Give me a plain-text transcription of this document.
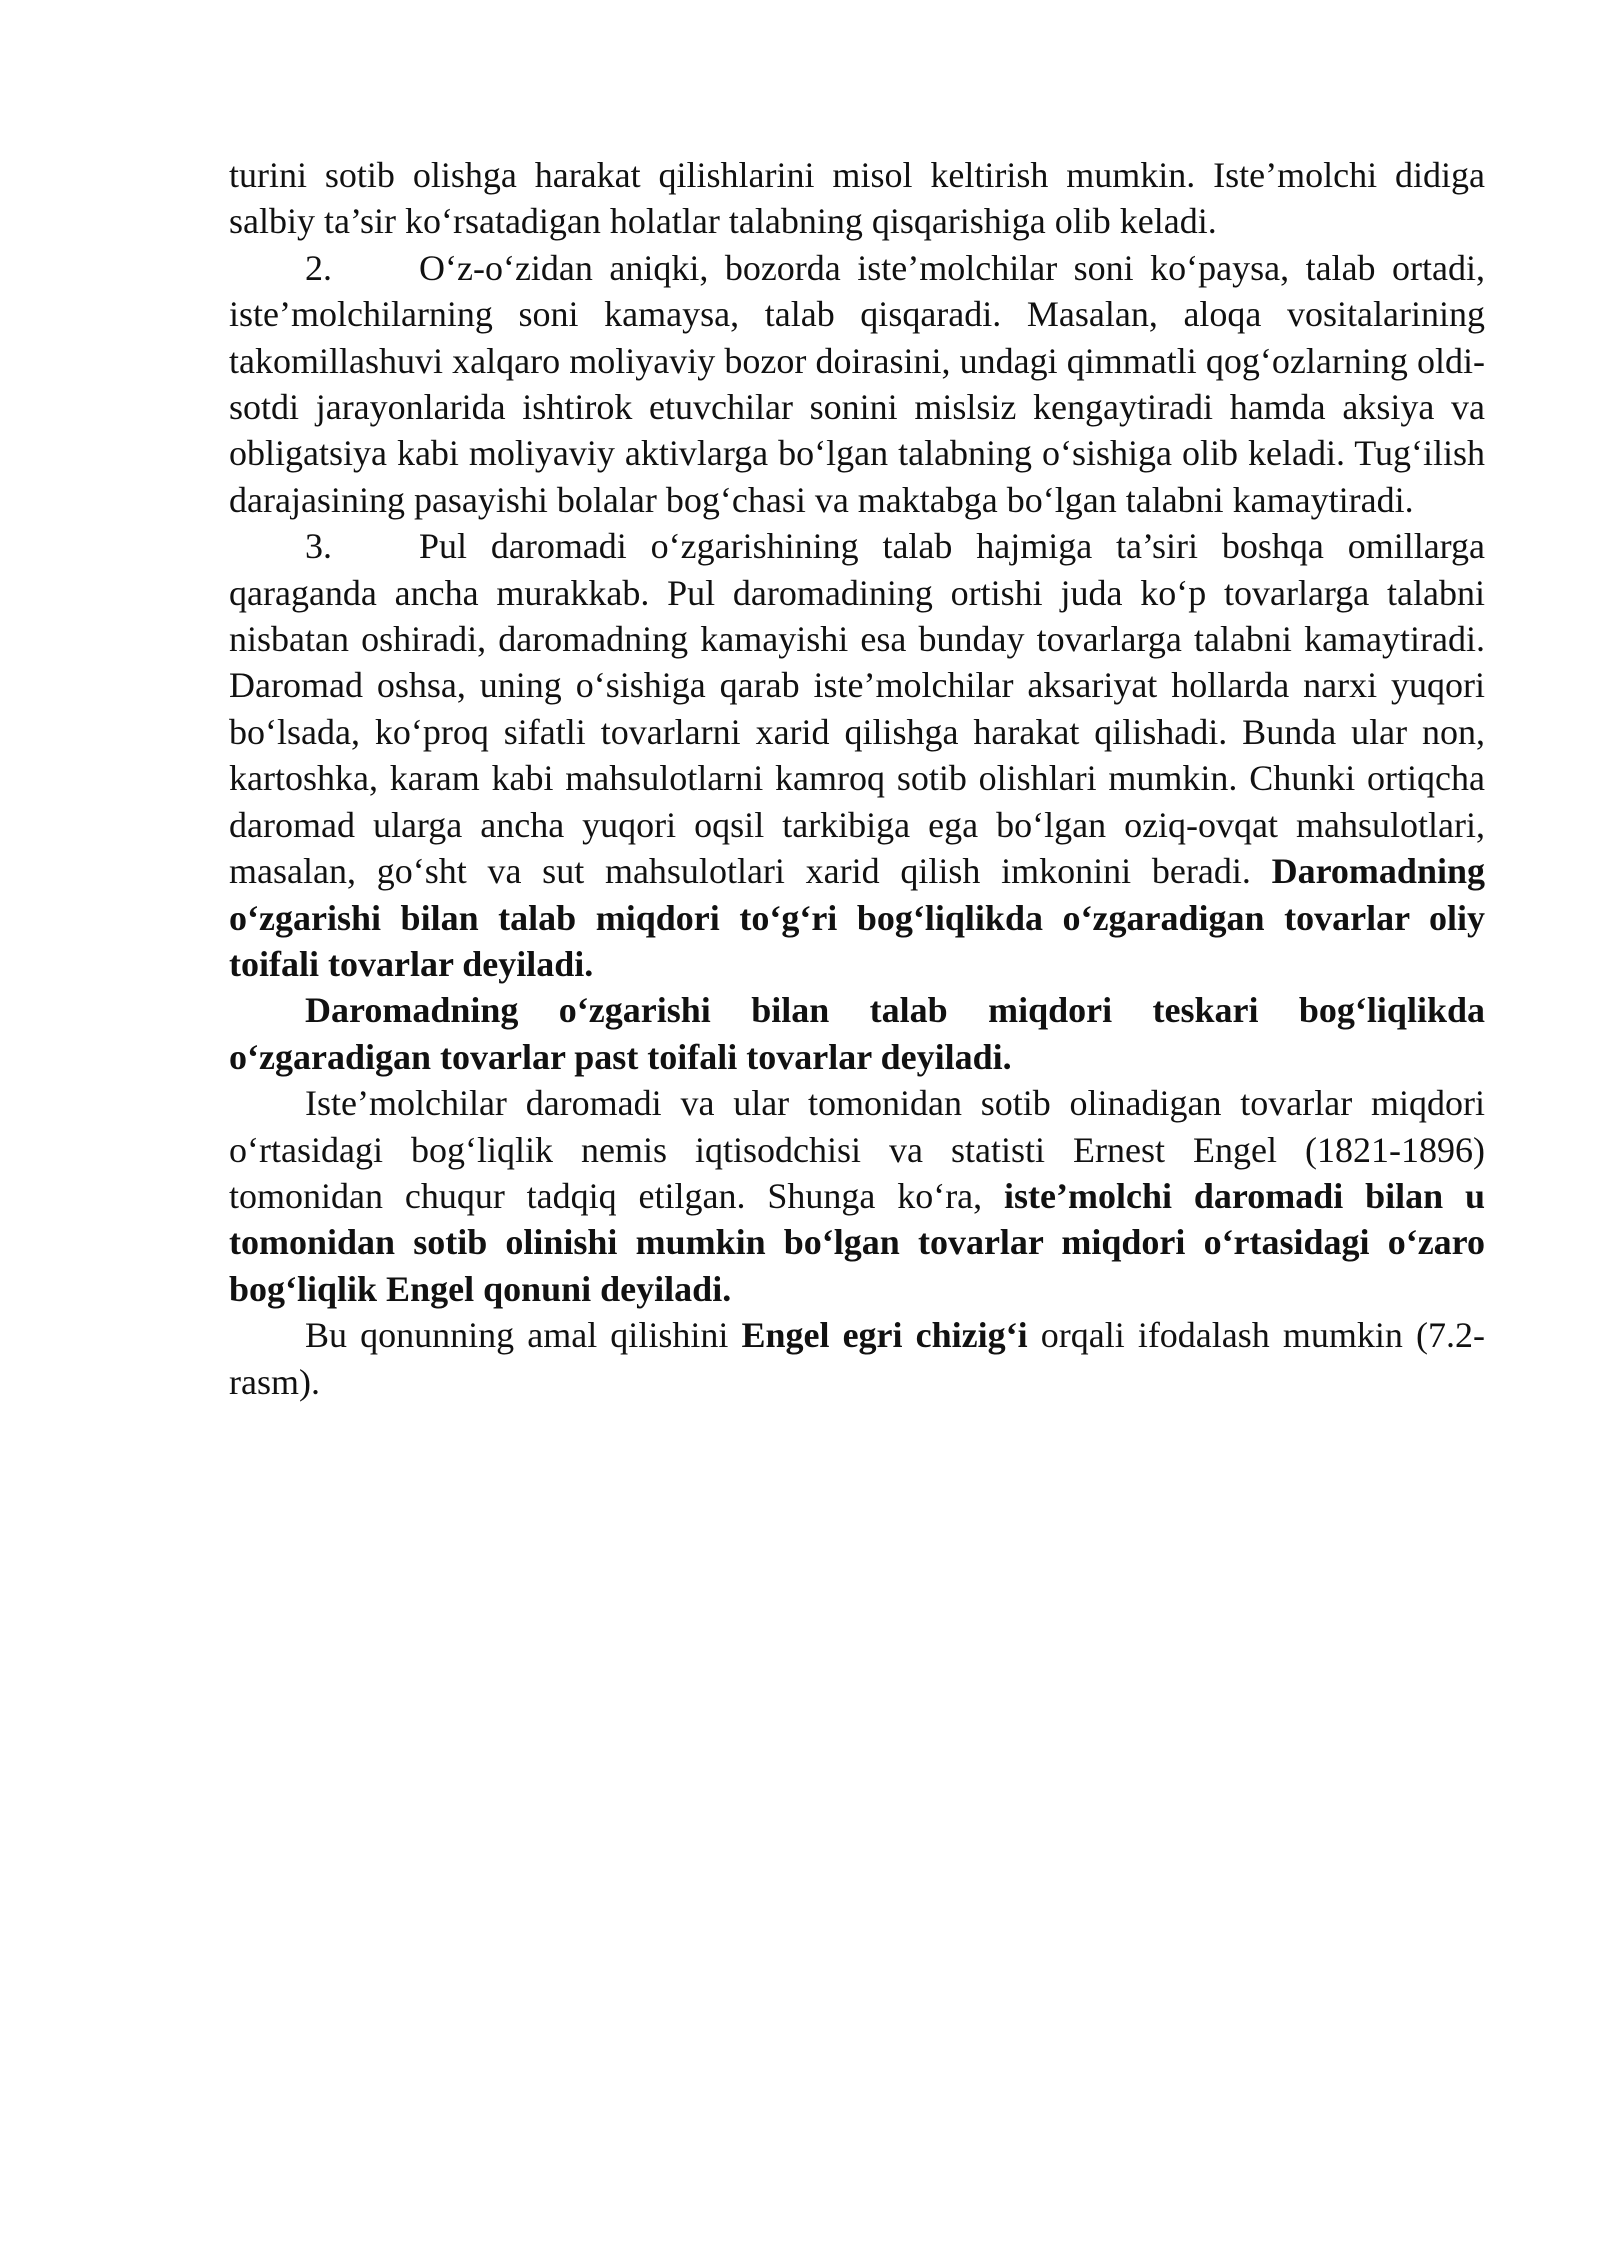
turini sotib olishga harakat qilishlarini misol keltirish mumkin. Iste’molchi didiga salbiy ta’sir ko‘rsatadigan holatlar talabning qisqarishiga olib keladi.

2. O‘z-o‘zidan aniqki, bozorda iste’molchilar soni ko‘paysa, talab ortadi, iste’molchilarning soni kamaysa, talab qisqaradi. Masalan, aloqa vositalarining takomillashuvi xalqaro moliyaviy bozor doirasini, undagi qimmatli qog‘ozlarning oldi-sotdi jarayonlarida ishtirok etuvchilar sonini mislsiz kengaytiradi hamda aksiya va obligatsiya kabi moliyaviy aktivlarga bo‘lgan talabning o‘sishiga olib keladi. Tug‘ilish darajasining pasayishi bolalar bog‘chasi va maktabga bo‘lgan talabni kamaytiradi.

3. Pul daromadi o‘zgarishining talab hajmiga ta’siri boshqa omillarga qaraganda ancha murakkab. Pul daromadining ortishi juda ko‘p tovarlarga talabni nisbatan oshiradi, daromadning kamayishi esa bunday tovarlarga talabni kamaytiradi. Daromad oshsa, uning o‘sishiga qarab iste’molchilar aksariyat hollarda narxi yuqori bo‘lsada, ko‘proq sifatli tovarlarni xarid qilishga harakat qilishadi. Bunda ular non, kartoshka, karam kabi mahsulotlarni kamroq sotib olishlari mumkin. Chunki ortiqcha daromad ularga ancha yuqori oqsil tarkibiga ega bo‘lgan oziq-ovqat mahsulotlari, masalan, go‘sht va sut mahsulotlari xarid qilish imkonini beradi. Daromadning o‘zgarishi bilan talab miqdori to‘g‘ri bog‘liqlikda o‘zgaradigan tovarlar oliy toifali tovarlar deyiladi.

Daromadning o‘zgarishi bilan talab miqdori teskari bog‘liqlikda o‘zgaradigan tovarlar past toifali tovarlar deyiladi.

Iste’molchilar daromadi va ular tomonidan sotib olinadigan tovarlar miqdori o‘rtasidagi bog‘liqlik nemis iqtisodchisi va statisti Ernest Engel (1821-1896) tomonidan chuqur tadqiq etilgan. Shunga ko‘ra, iste’molchi daromadi bilan u tomonidan sotib olinishi mumkin bo‘lgan tovarlar miqdori o‘rtasidagi o‘zaro bog‘liqlik Engel qonuni deyiladi.

Bu qonunning amal qilishini Engel egri chizig‘i orqali ifodalash mumkin (7.2-rasm).
